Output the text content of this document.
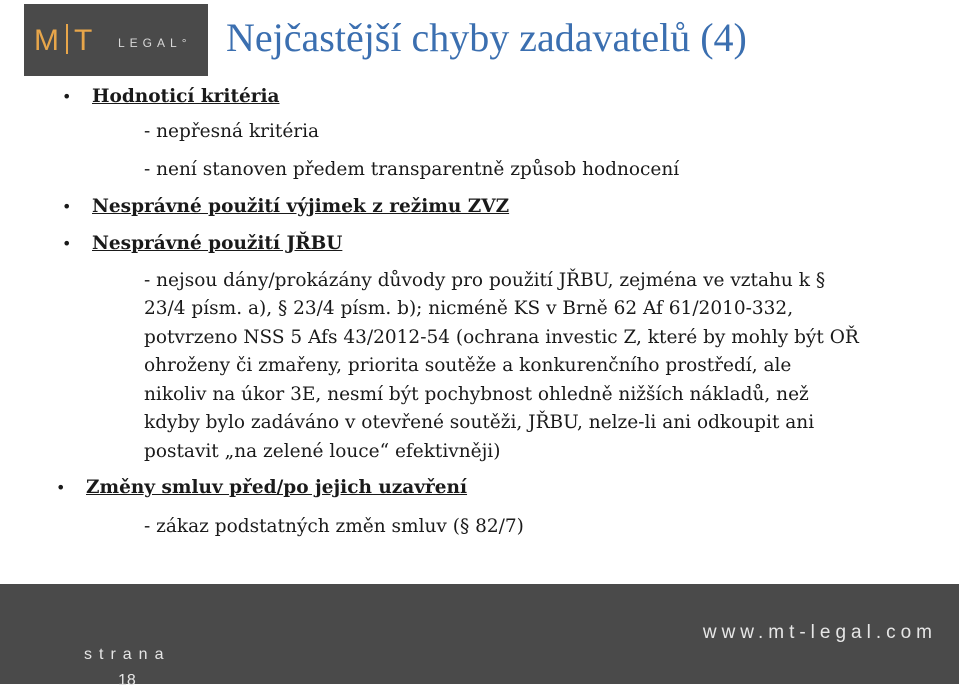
M T LEGAL° Nejčastější chyby zadavatelů (4)
• Hodnoticí kritéria
- nepřesná kritéria
- není stanoven předem transparentně způsob hodnocení
• Nesprávné použití výjimek z režimu ZVZ
• Nesprávné použití JŘBU
- nejsou dány/prokázány důvody pro použití JŘBU, zejména ve vztahu k §
23/4 písm. a), § 23/4 písm. b); nicméně KS v Brně 62 Af 61/2010-332,
potvrzeno NSS 5 Afs 43/2012-54 (ochrana investic Z, které by mohly být OŘ
ohroženy či zmařeny, priorita soutěže a konkurenčního prostředí, ale
nikoliv na úkor 3E, nesmí být pochybnost ohledně nižších nákladů, než
kdyby bylo zadáváno v otevřené soutěži, JŘBU, nelze-li ani odkoupit ani
postavit „na zelené louce“ efektivněji)
• Změny smluv před/po jejich uzavření
- zákaz podstatných změn smluv (§ 82/7)
strana
18
www.mt-legal.com
